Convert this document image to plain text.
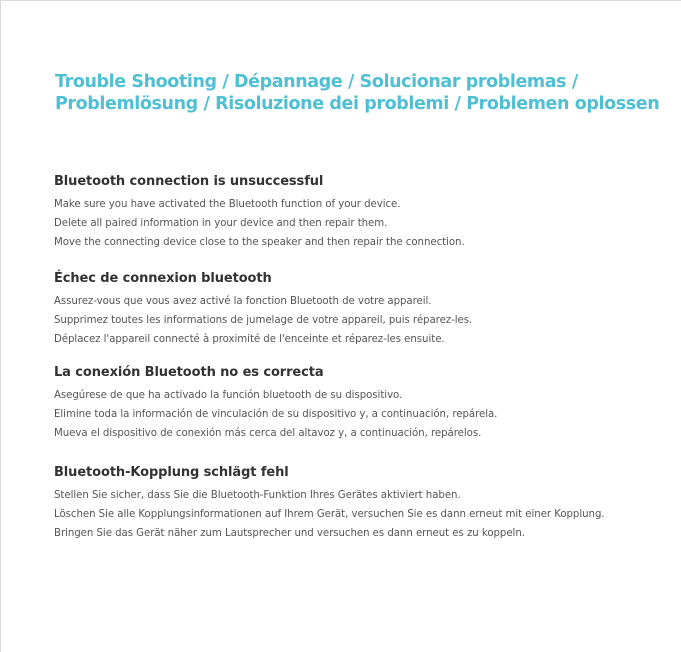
Trouble Shooting / Dépannage / Solucionar problemas /
Problemlösung / Risoluzione dei problemi / Problemen oplossen
Bluetooth connection is unsuccessful
Make sure you have activated the Bluetooth function of your device.
Delete all paired information in your device and then repair them.
Move the connecting device close to the speaker and then repair the connection.
Échec de connexion bluetooth
Assurez-vous que vous avez activé la fonction Bluetooth de votre appareil.
Supprimez toutes les informations de jumelage de votre appareil, puis réparez-les.
Déplacez l'appareil connecté à proximité de l'enceinte et réparez-les ensuite.
La conexión Bluetooth no es correcta
Asegúrese de que ha activado la función bluetooth de su dispositivo.
Elimine toda la información de vinculación de su dispositivo y, a continuación, repárela.
Mueva el dispositivo de conexión más cerca del altavoz y, a continuación, repárelos.
Bluetooth-Kopplung schlägt fehl
Stellen Sie sicher, dass Sie die Bluetooth-Funktion Ihres Gerätes aktiviert haben.
Löschen Sie alle Kopplungsinformationen auf Ihrem Gerät, versuchen Sie es dann erneut mit einer Kopplung.
Bringen Sie das Gerät näher zum Lautsprecher und versuchen es dann erneut es zu koppeln.
